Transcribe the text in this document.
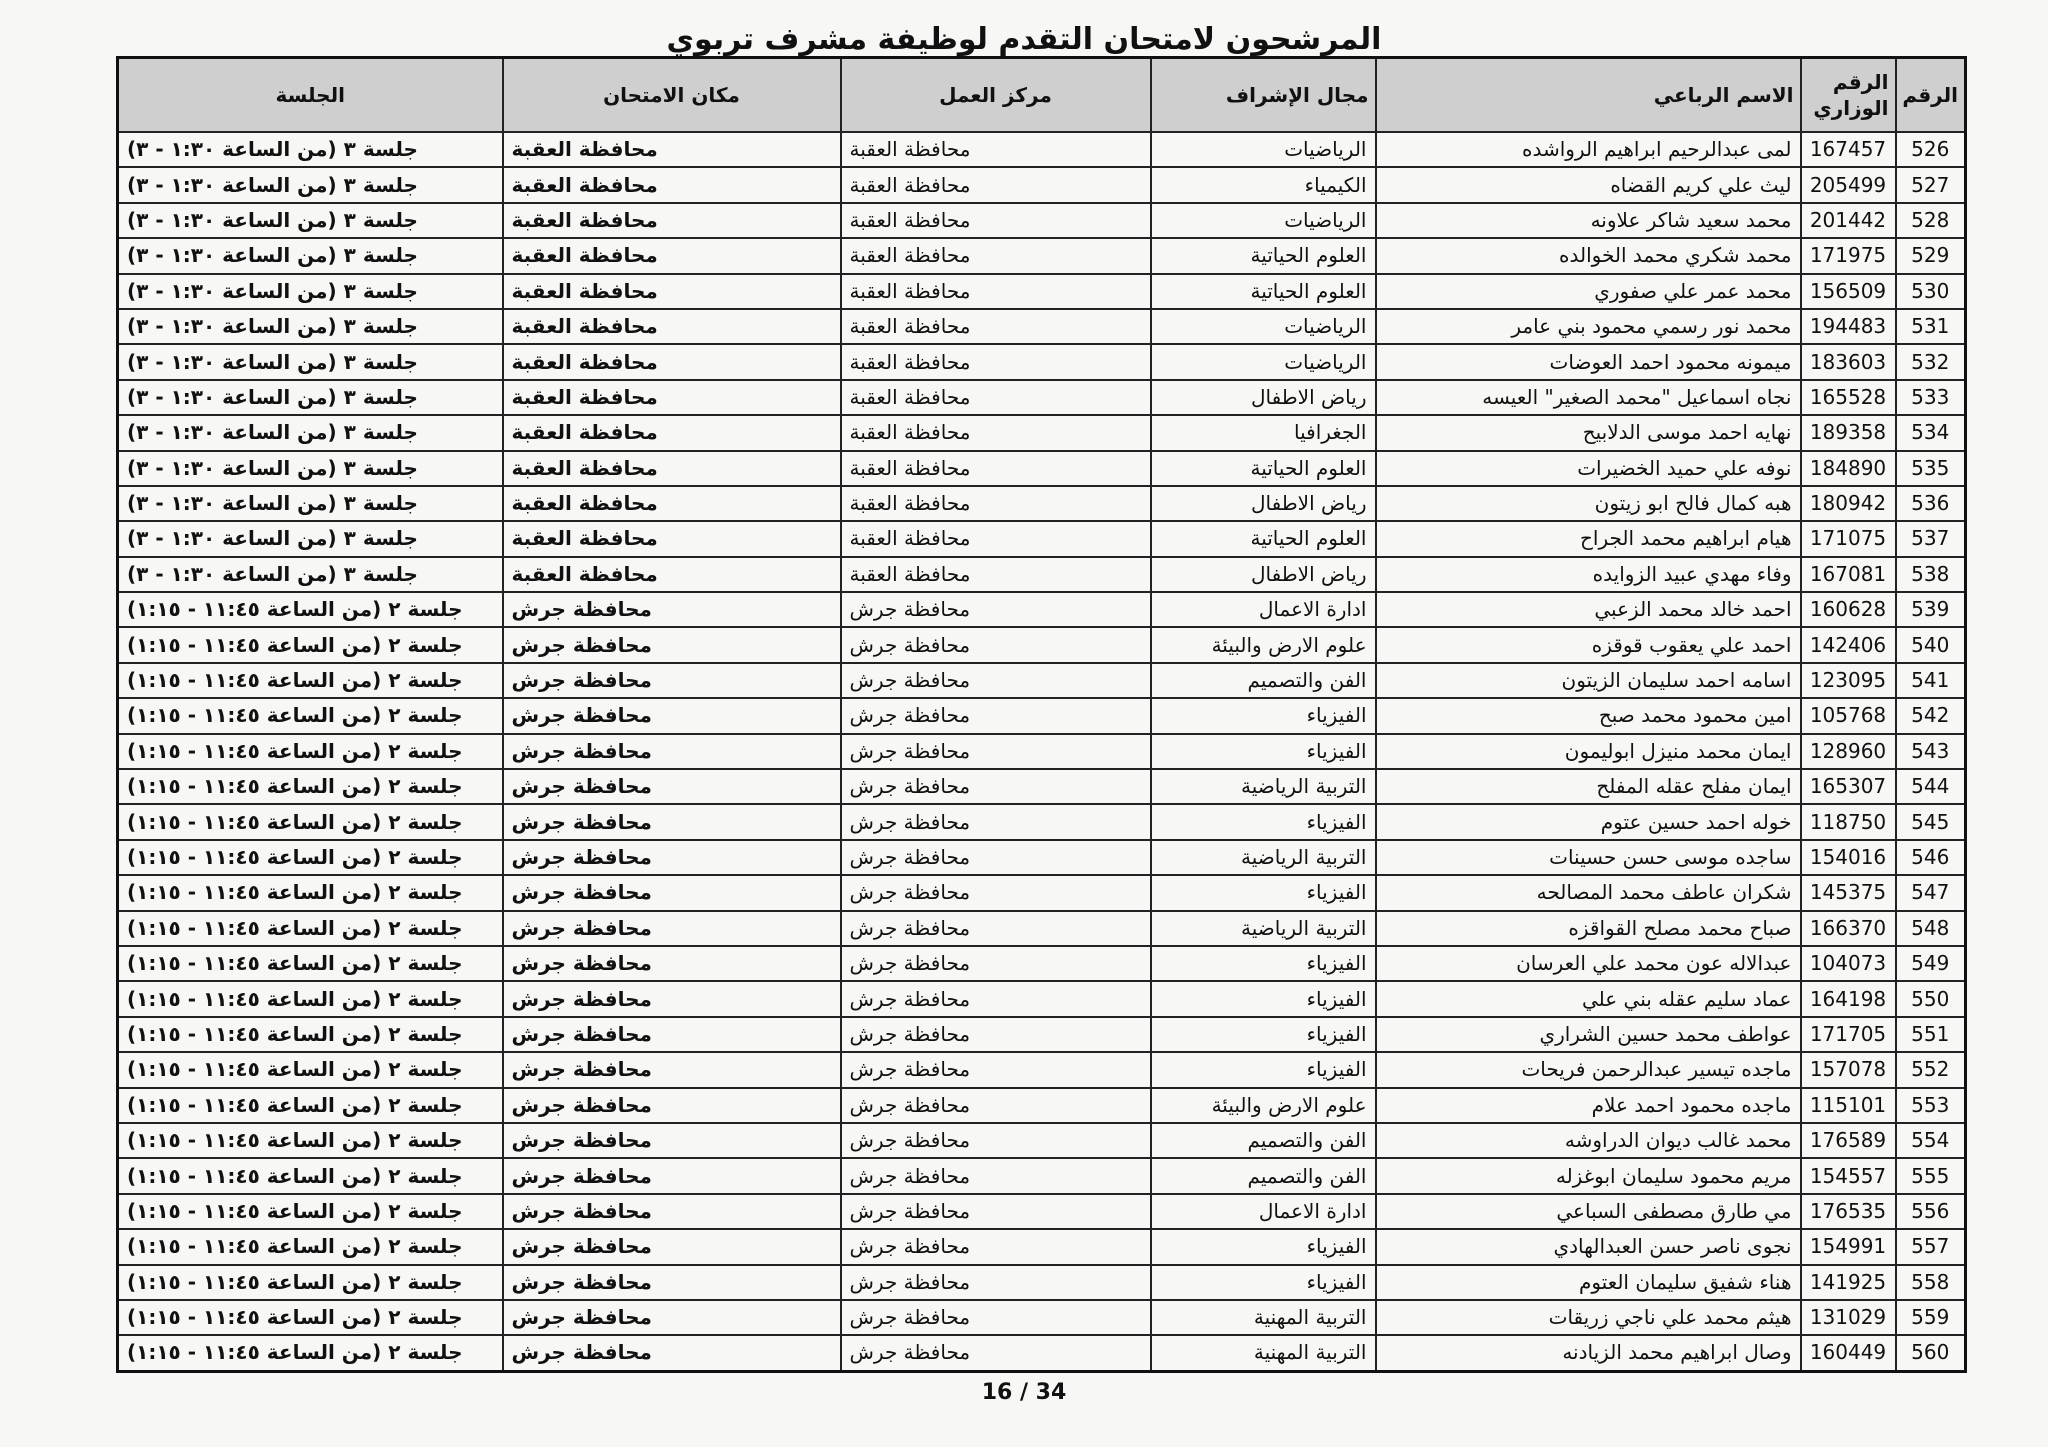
المرشحون لامتحان التقدم لوظيفة مشرف تربوي
الرقم	الرقم الوزاري	الاسم الرباعي	مجال الإشراف	مركز العمل	مكان الامتحان	الجلسة
526	167457	لمى عبدالرحيم ابراهيم الرواشده	الرياضيات	محافظة العقبة	محافظة العقبة	جلسة ٣ (من الساعة ١:٣٠ - ٣)
527	205499	ليث علي كريم القضاه	الكيمياء	محافظة العقبة	محافظة العقبة	جلسة ٣ (من الساعة ١:٣٠ - ٣)
528	201442	محمد سعيد شاكر علاونه	الرياضيات	محافظة العقبة	محافظة العقبة	جلسة ٣ (من الساعة ١:٣٠ - ٣)
529	171975	محمد شكري محمد الخوالده	العلوم الحياتية	محافظة العقبة	محافظة العقبة	جلسة ٣ (من الساعة ١:٣٠ - ٣)
530	156509	محمد عمر علي صفوري	العلوم الحياتية	محافظة العقبة	محافظة العقبة	جلسة ٣ (من الساعة ١:٣٠ - ٣)
531	194483	محمد نور رسمي محمود بني عامر	الرياضيات	محافظة العقبة	محافظة العقبة	جلسة ٣ (من الساعة ١:٣٠ - ٣)
532	183603	ميمونه محمود احمد العوضات	الرياضيات	محافظة العقبة	محافظة العقبة	جلسة ٣ (من الساعة ١:٣٠ - ٣)
533	165528	نجاه اسماعيل "محمد الصغير" العيسه	رياض الاطفال	محافظة العقبة	محافظة العقبة	جلسة ٣ (من الساعة ١:٣٠ - ٣)
534	189358	نهايه احمد موسى الدلابيح	الجغرافيا	محافظة العقبة	محافظة العقبة	جلسة ٣ (من الساعة ١:٣٠ - ٣)
535	184890	نوفه علي حميد الخضيرات	العلوم الحياتية	محافظة العقبة	محافظة العقبة	جلسة ٣ (من الساعة ١:٣٠ - ٣)
536	180942	هبه كمال فالح ابو زيتون	رياض الاطفال	محافظة العقبة	محافظة العقبة	جلسة ٣ (من الساعة ١:٣٠ - ٣)
537	171075	هيام ابراهيم محمد الجراح	العلوم الحياتية	محافظة العقبة	محافظة العقبة	جلسة ٣ (من الساعة ١:٣٠ - ٣)
538	167081	وفاء مهدي عبيد الزوايده	رياض الاطفال	محافظة العقبة	محافظة العقبة	جلسة ٣ (من الساعة ١:٣٠ - ٣)
539	160628	احمد خالد محمد الزعبي	ادارة الاعمال	محافظة جرش	محافظة جرش	جلسة ٢ (من الساعة ١١:٤٥ - ١:١٥)
540	142406	احمد علي يعقوب قوقزه	علوم الارض والبيئة	محافظة جرش	محافظة جرش	جلسة ٢ (من الساعة ١١:٤٥ - ١:١٥)
541	123095	اسامه احمد سليمان الزيتون	الفن والتصميم	محافظة جرش	محافظة جرش	جلسة ٢ (من الساعة ١١:٤٥ - ١:١٥)
542	105768	امين محمود محمد صبح	الفيزياء	محافظة جرش	محافظة جرش	جلسة ٢ (من الساعة ١١:٤٥ - ١:١٥)
543	128960	ايمان محمد منيزل ابوليمون	الفيزياء	محافظة جرش	محافظة جرش	جلسة ٢ (من الساعة ١١:٤٥ - ١:١٥)
544	165307	ايمان مفلح عقله المفلح	التربية الرياضية	محافظة جرش	محافظة جرش	جلسة ٢ (من الساعة ١١:٤٥ - ١:١٥)
545	118750	خوله احمد حسين عتوم	الفيزياء	محافظة جرش	محافظة جرش	جلسة ٢ (من الساعة ١١:٤٥ - ١:١٥)
546	154016	ساجده موسى حسن حسينات	التربية الرياضية	محافظة جرش	محافظة جرش	جلسة ٢ (من الساعة ١١:٤٥ - ١:١٥)
547	145375	شكران عاطف محمد المصالحه	الفيزياء	محافظة جرش	محافظة جرش	جلسة ٢ (من الساعة ١١:٤٥ - ١:١٥)
548	166370	صباح محمد مصلح القواقزه	التربية الرياضية	محافظة جرش	محافظة جرش	جلسة ٢ (من الساعة ١١:٤٥ - ١:١٥)
549	104073	عبدالاله عون محمد علي العرسان	الفيزياء	محافظة جرش	محافظة جرش	جلسة ٢ (من الساعة ١١:٤٥ - ١:١٥)
550	164198	عماد سليم عقله بني علي	الفيزياء	محافظة جرش	محافظة جرش	جلسة ٢ (من الساعة ١١:٤٥ - ١:١٥)
551	171705	عواطف محمد حسين الشراري	الفيزياء	محافظة جرش	محافظة جرش	جلسة ٢ (من الساعة ١١:٤٥ - ١:١٥)
552	157078	ماجده تيسير عبدالرحمن فريحات	الفيزياء	محافظة جرش	محافظة جرش	جلسة ٢ (من الساعة ١١:٤٥ - ١:١٥)
553	115101	ماجده محمود احمد علام	علوم الارض والبيئة	محافظة جرش	محافظة جرش	جلسة ٢ (من الساعة ١١:٤٥ - ١:١٥)
554	176589	محمد غالب ديوان الدراوشه	الفن والتصميم	محافظة جرش	محافظة جرش	جلسة ٢ (من الساعة ١١:٤٥ - ١:١٥)
555	154557	مريم محمود سليمان ابوغزله	الفن والتصميم	محافظة جرش	محافظة جرش	جلسة ٢ (من الساعة ١١:٤٥ - ١:١٥)
556	176535	مي طارق مصطفى السباعي	ادارة الاعمال	محافظة جرش	محافظة جرش	جلسة ٢ (من الساعة ١١:٤٥ - ١:١٥)
557	154991	نجوى ناصر حسن العبدالهادي	الفيزياء	محافظة جرش	محافظة جرش	جلسة ٢ (من الساعة ١١:٤٥ - ١:١٥)
558	141925	هناء شفيق سليمان العتوم	الفيزياء	محافظة جرش	محافظة جرش	جلسة ٢ (من الساعة ١١:٤٥ - ١:١٥)
559	131029	هيثم محمد علي ناجي زريقات	التربية المهنية	محافظة جرش	محافظة جرش	جلسة ٢ (من الساعة ١١:٤٥ - ١:١٥)
560	160449	وصال ابراهيم محمد الزيادنه	التربية المهنية	محافظة جرش	محافظة جرش	جلسة ٢ (من الساعة ١١:٤٥ - ١:١٥)
16 / 34
